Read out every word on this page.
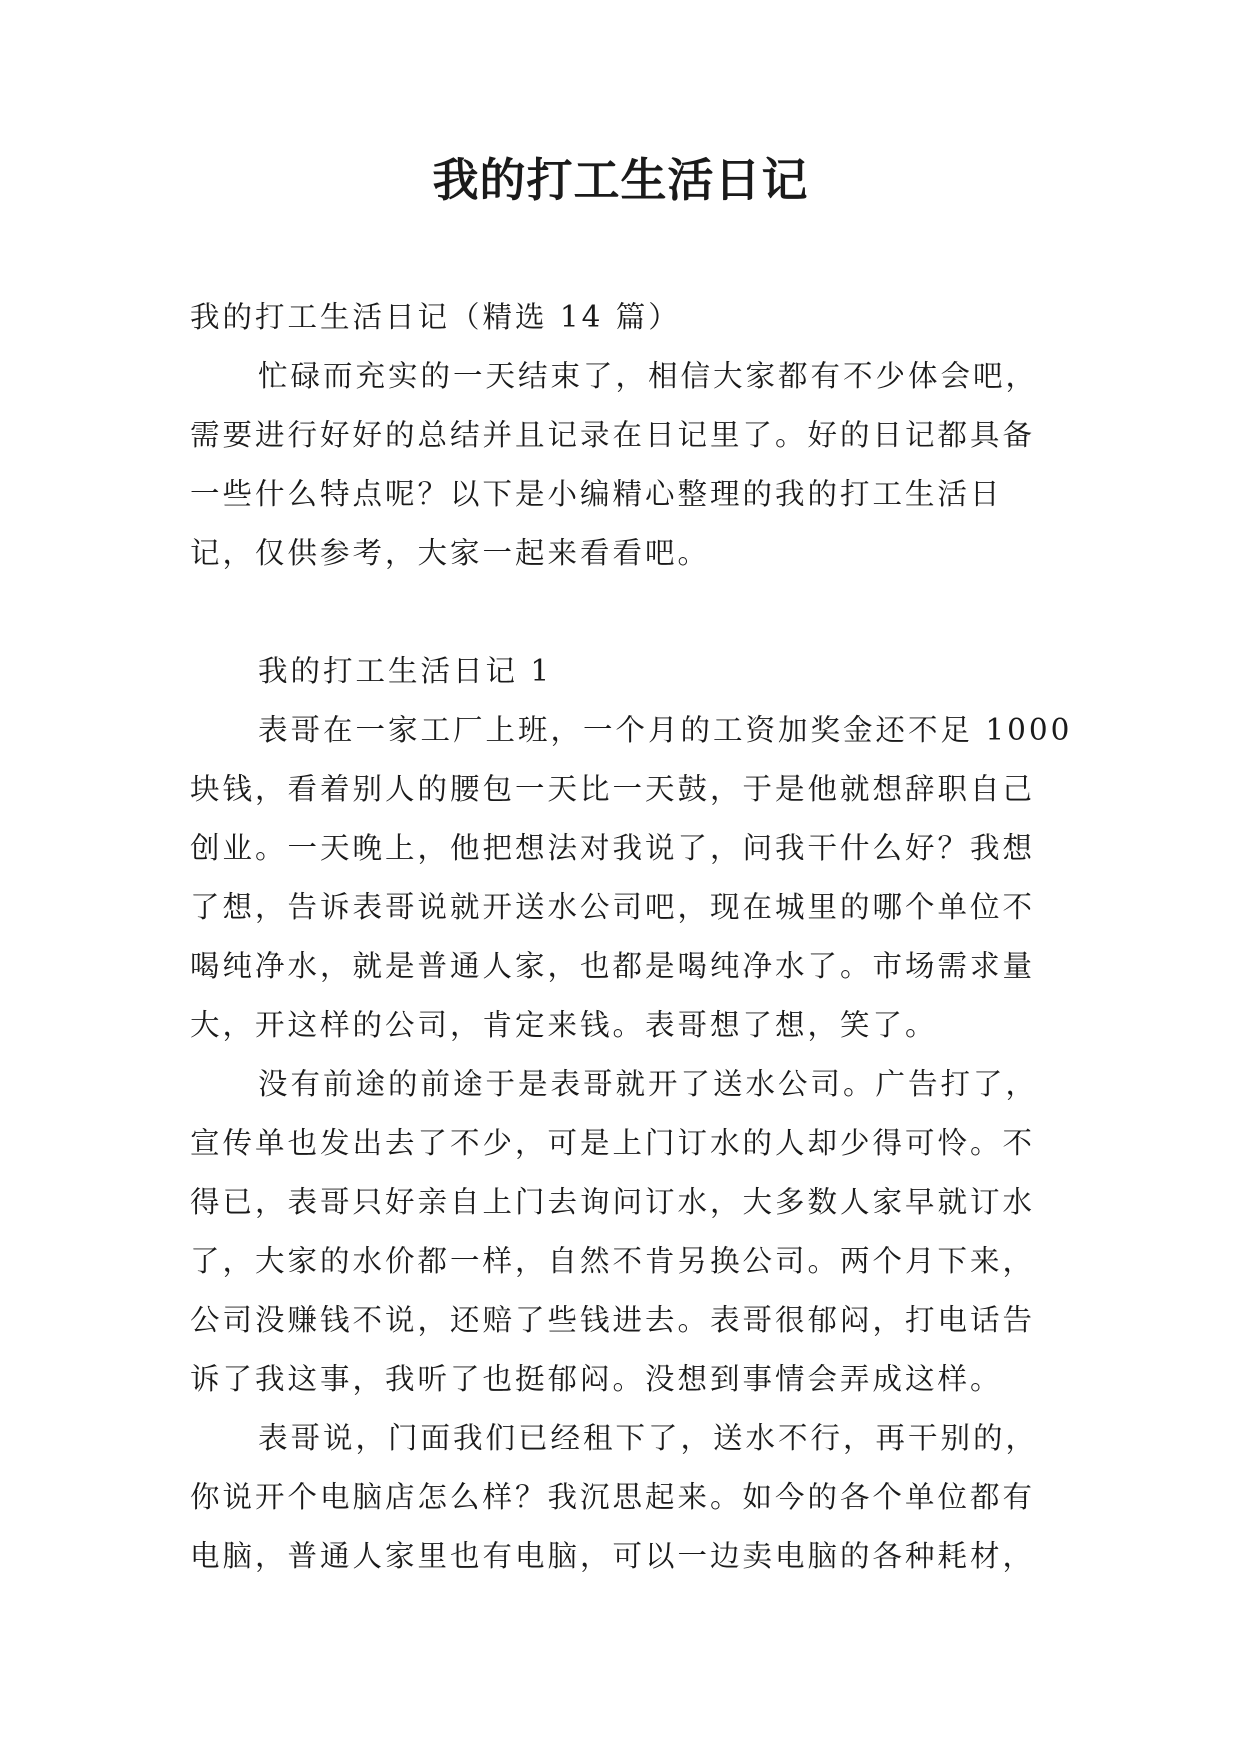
我的打工生活日记
我的打工生活日记（精选 14 篇）
忙碌而充实的一天结束了，相信大家都有不少体会吧，
需要进行好好的总结并且记录在日记里了。好的日记都具备
一些什么特点呢？以下是小编精心整理的我的打工生活日
记，仅供参考，大家一起来看看吧。
我的打工生活日记 1
表哥在一家工厂上班，一个月的工资加奖金还不足 1000
块钱，看着别人的腰包一天比一天鼓，于是他就想辞职自己
创业。一天晚上，他把想法对我说了，问我干什么好？我想
了想，告诉表哥说就开送水公司吧，现在城里的哪个单位不
喝纯净水，就是普通人家，也都是喝纯净水了。市场需求量
大，开这样的公司，肯定来钱。表哥想了想，笑了。
没有前途的前途于是表哥就开了送水公司。广告打了，
宣传单也发出去了不少，可是上门订水的人却少得可怜。不
得已，表哥只好亲自上门去询问订水，大多数人家早就订水
了，大家的水价都一样，自然不肯另换公司。两个月下来，
公司没赚钱不说，还赔了些钱进去。表哥很郁闷，打电话告
诉了我这事，我听了也挺郁闷。没想到事情会弄成这样。
表哥说，门面我们已经租下了，送水不行，再干别的，
你说开个电脑店怎么样？我沉思起来。如今的各个单位都有
电脑，普通人家里也有电脑，可以一边卖电脑的各种耗材，
